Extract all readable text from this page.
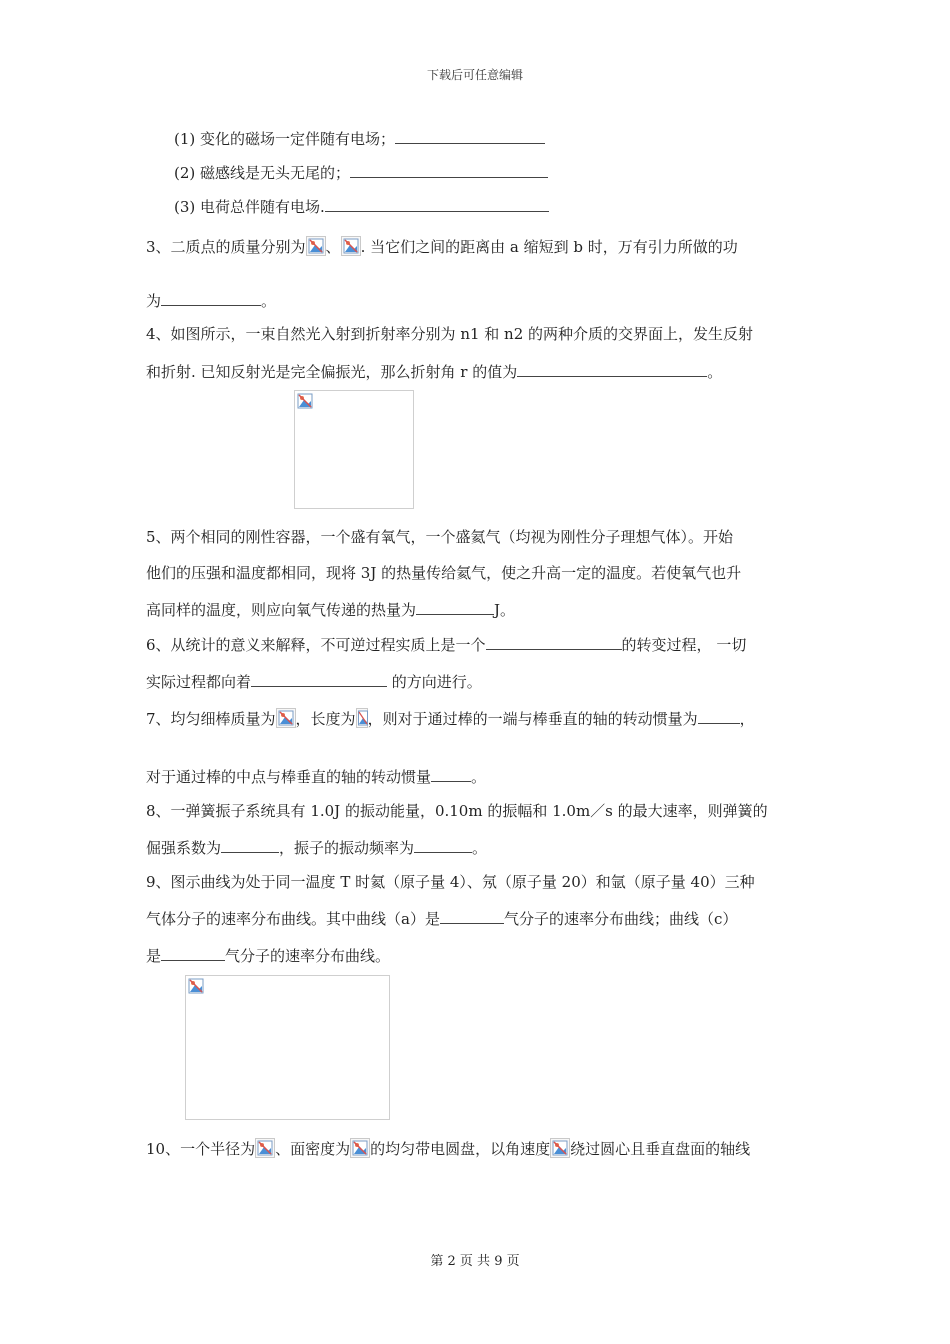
下载后可任意编辑
(1) 变化的磁场一定伴随有电场；
(2) 磁感线是无头无尾的；
(3) 电荷总伴随有电场.
3、二质点的质量分别为 、 . 当它们之间的距离由 a 缩短到 b 时，万有引力所做的功
为	。
4、如图所示，一束自然光入射到折射率分别为 n1 和 n2 的两种介质的交界面上，发生反射
和折射. 已知反射光是完全偏振光，那么折射角 r 的值为	。
5、两个相同的刚性容器，一个盛有氧气，一个盛氦气（均视为刚性分子理想气体）。开始
他们的压强和温度都相同，现将 3J 的热量传给氦气，使之升高一定的温度。若使氧气也升
高同样的温度，则应向氧气传递的热量为	J。
6、从统计的意义来解释，不可逆过程实质上是一个	的转变过程， 一切
实际过程都向着	的方向进行。
7、均匀细棒质量为 ，长度为 ，则对于通过棒的一端与棒垂直的轴的转动惯量为	，
对于通过棒的中点与棒垂直的轴的转动惯量	。
8、一弹簧振子系统具有 1.0J 的振动能量，0.10m 的振幅和 1.0m／s 的最大速率，则弹簧的
倔强系数为	，振子的振动频率为	。
9、图示曲线为处于同一温度 T 时氦（原子量 4）、氖（原子量 20）和氩（原子量 40）三种
气体分子的速率分布曲线。其中曲线（a）是	气分子的速率分布曲线；曲线（c）
是	气分子的速率分布曲线。
10、一个半径为 、面密度为 的均匀带电圆盘，以角速度 绕过圆心且垂直盘面的轴线
第 2 页 共 9 页
